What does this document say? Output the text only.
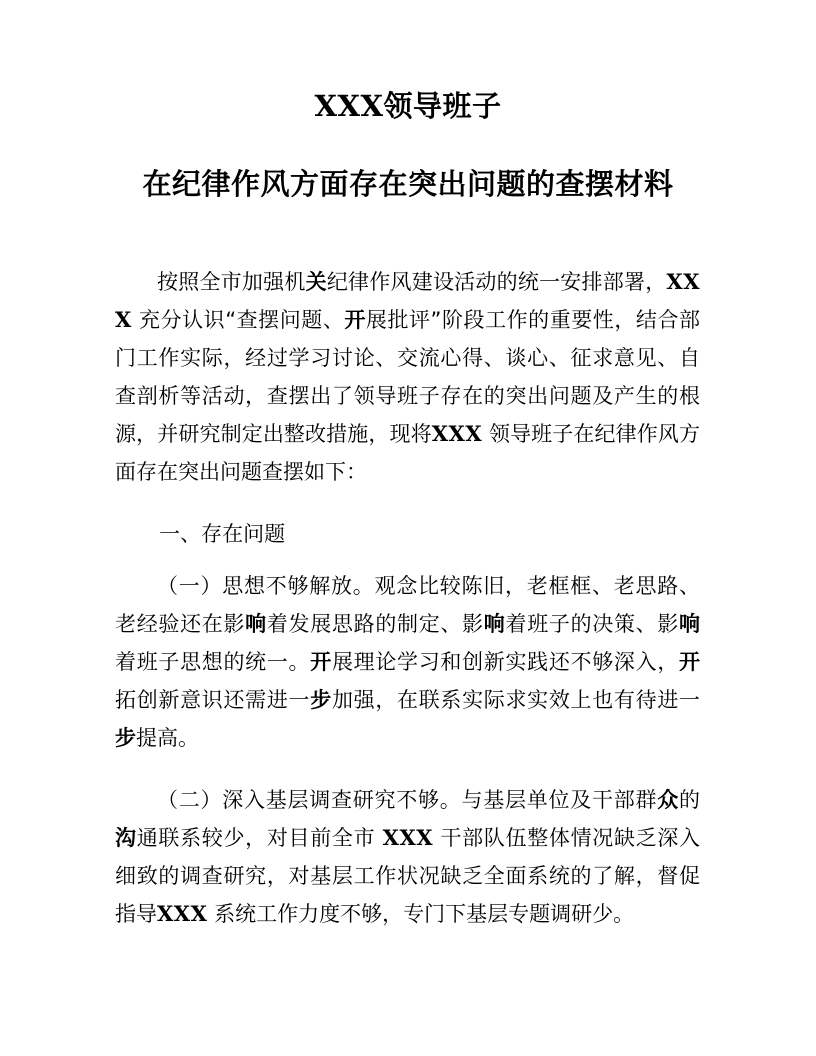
XXX领导班子
在纪律作风方面存在突出问题的查摆材料

按照全市加强机关纪律作风建设活动的统一安排部署，XXX 充分认识“查摆问题、开展批评”阶段工作的重要性，结合部门工作实际，经过学习讨论、交流心得、谈心、征求意见、自查剖析等活动，查摆出了领导班子存在的突出问题及产生的根源，并研究制定出整改措施，现将XXX 领导班子在纪律作风方面存在突出问题查摆如下：

一、存在问题

（一）思想不够解放。观念比较陈旧，老框框、老思路、老经验还在影响着发展思路的制定、影响着班子的决策、影响着班子思想的统一。开展理论学习和创新实践还不够深入，开拓创新意识还需进一步加强，在联系实际求实效上也有待进一步提高。

（二）深入基层调查研究不够。与基层单位及干部群众的沟通联系较少，对目前全市 XXX 干部队伍整体情况缺乏深入细致的调查研究，对基层工作状况缺乏全面系统的了解，督促指导XXX 系统工作力度不够，专门下基层专题调研少。
